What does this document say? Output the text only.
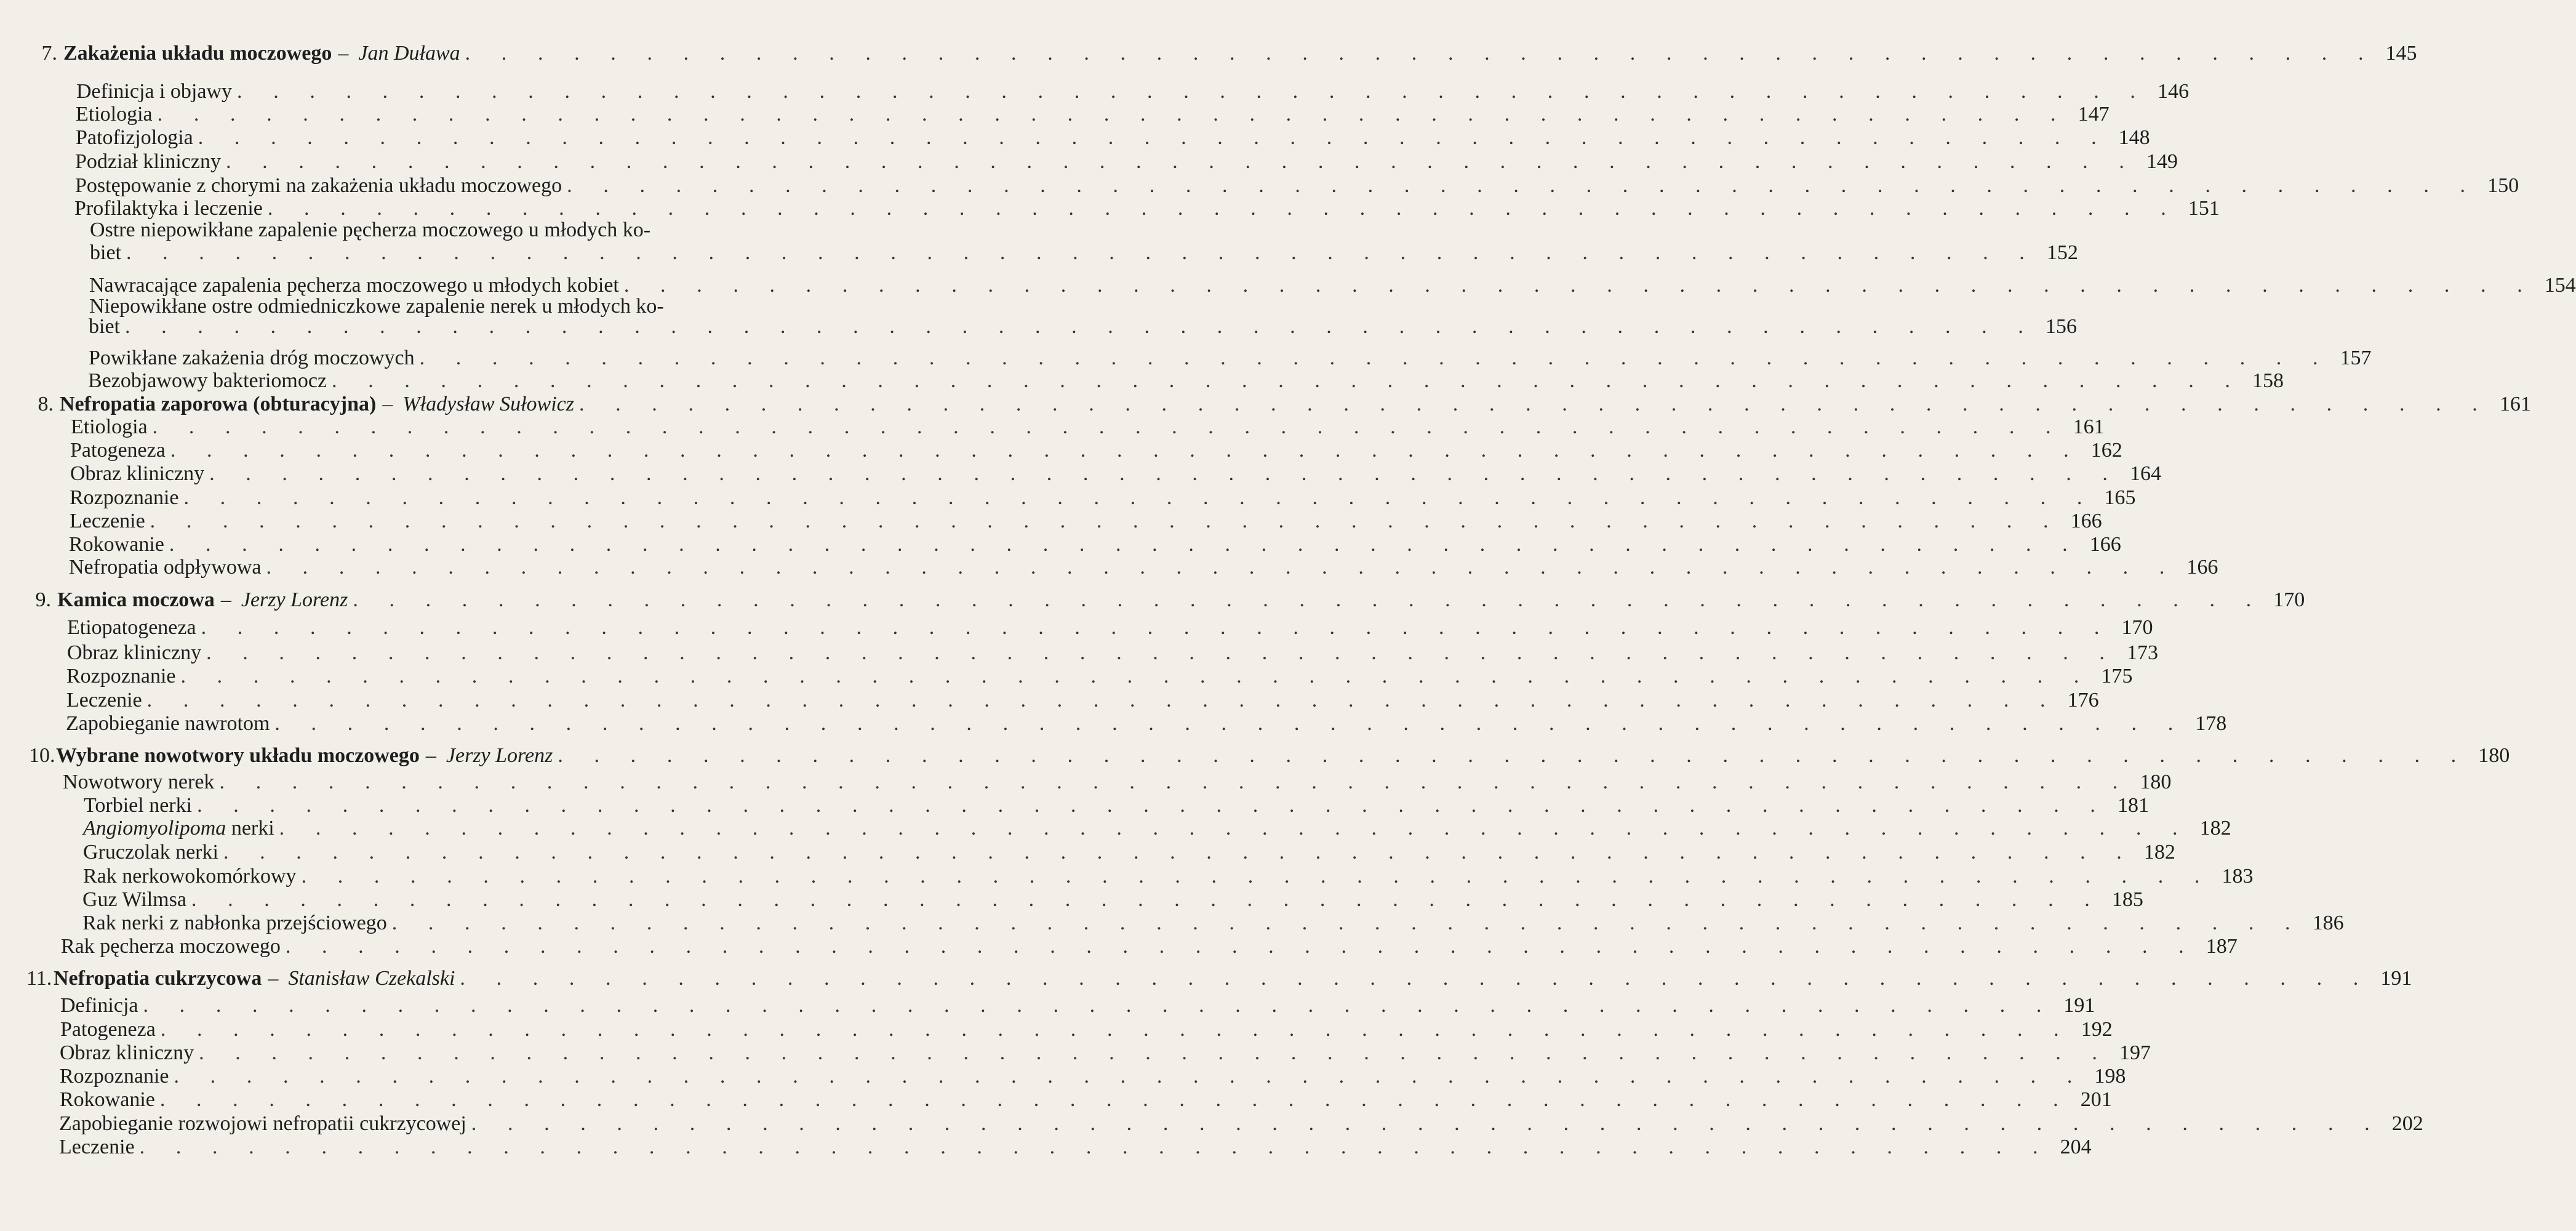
7. Zakażenia układu moczowego – Jan Duława . . . . . . . . . . . . . . . . . . . . . . . . . . . . . . . . . . . . . . . . . . . . . . . . . . . . . 145
Definicja i objawy . . . . . . . . . . . . . . . . . . . . . . . . . . . . . . . . . . . . . . . . . . . . . . . . . . . . . 146
Etiologia . . . . . . . . . . . . . . . . . . . . . . . . . . . . . . . . . . . . . . . . . . . . . . . . . . . . . 147
Patofizjologia . . . . . . . . . . . . . . . . . . . . . . . . . . . . . . . . . . . . . . . . . . . . . . . . . . . . . 148
Podział kliniczny . . . . . . . . . . . . . . . . . . . . . . . . . . . . . . . . . . . . . . . . . . . . . . . . . . . . . 149
Postępowanie z chorymi na zakażenia układu moczowego . . . . . . . . . . . . . . . . . . . . . . . . . . . . . . . . . . . . . . . . . . . . . . . . . . . . . 150
Profilaktyka i leczenie . . . . . . . . . . . . . . . . . . . . . . . . . . . . . . . . . . . . . . . . . . . . . . . . . . . . . 151
Ostre niepowikłane zapalenie pęcherza moczowego u młodych ko-
biet . . . . . . . . . . . . . . . . . . . . . . . . . . . . . . . . . . . . . . . . . . . . . . . . . . . . . 152
Nawracające zapalenia pęcherza moczowego u młodych kobiet . . . . . . . . . . . . . . . . . . . . . . . . . . . . . . . . . . . . . . . . . . . . . . . . . . . . . 154
Niepowikłane ostre odmiedniczkowe zapalenie nerek u młodych ko-
biet . . . . . . . . . . . . . . . . . . . . . . . . . . . . . . . . . . . . . . . . . . . . . . . . . . . . . 156
Powikłane zakażenia dróg moczowych . . . . . . . . . . . . . . . . . . . . . . . . . . . . . . . . . . . . . . . . . . . . . . . . . . . . . 157
Bezobjawowy bakteriomocz . . . . . . . . . . . . . . . . . . . . . . . . . . . . . . . . . . . . . . . . . . . . . . . . . . . . . 158
8. Nefropatia zaporowa (obturacyjna) – Władysław Sułowicz . . . . . . . . . . . . . . . . . . . . . . . . . . . . . . . . . . . . . . . . . . . . . . . . . . . . . 161
Etiologia . . . . . . . . . . . . . . . . . . . . . . . . . . . . . . . . . . . . . . . . . . . . . . . . . . . . . 161
Patogeneza . . . . . . . . . . . . . . . . . . . . . . . . . . . . . . . . . . . . . . . . . . . . . . . . . . . . . 162
Obraz kliniczny . . . . . . . . . . . . . . . . . . . . . . . . . . . . . . . . . . . . . . . . . . . . . . . . . . . . . 164
Rozpoznanie . . . . . . . . . . . . . . . . . . . . . . . . . . . . . . . . . . . . . . . . . . . . . . . . . . . . . 165
Leczenie . . . . . . . . . . . . . . . . . . . . . . . . . . . . . . . . . . . . . . . . . . . . . . . . . . . . . 166
Rokowanie . . . . . . . . . . . . . . . . . . . . . . . . . . . . . . . . . . . . . . . . . . . . . . . . . . . . . 166
Nefropatia odpływowa . . . . . . . . . . . . . . . . . . . . . . . . . . . . . . . . . . . . . . . . . . . . . . . . . . . . . 166
9. Kamica moczowa – Jerzy Lorenz . . . . . . . . . . . . . . . . . . . . . . . . . . . . . . . . . . . . . . . . . . . . . . . . . . . . . 170
Etiopatogeneza . . . . . . . . . . . . . . . . . . . . . . . . . . . . . . . . . . . . . . . . . . . . . . . . . . . . . 170
Obraz kliniczny . . . . . . . . . . . . . . . . . . . . . . . . . . . . . . . . . . . . . . . . . . . . . . . . . . . . . 173
Rozpoznanie . . . . . . . . . . . . . . . . . . . . . . . . . . . . . . . . . . . . . . . . . . . . . . . . . . . . . 175
Leczenie . . . . . . . . . . . . . . . . . . . . . . . . . . . . . . . . . . . . . . . . . . . . . . . . . . . . . 176
Zapobieganie nawrotom . . . . . . . . . . . . . . . . . . . . . . . . . . . . . . . . . . . . . . . . . . . . . . . . . . . . . 178
10. Wybrane nowotwory układu moczowego – Jerzy Lorenz . . . . . . . . . . . . . . . . . . . . . . . . . . . . . . . . . . . . . . . . . . . . . . . . . . . . . 180
Nowotwory nerek . . . . . . . . . . . . . . . . . . . . . . . . . . . . . . . . . . . . . . . . . . . . . . . . . . . . . 180
Torbiel nerki . . . . . . . . . . . . . . . . . . . . . . . . . . . . . . . . . . . . . . . . . . . . . . . . . . . . . 181
Angiomyolipoma nerki . . . . . . . . . . . . . . . . . . . . . . . . . . . . . . . . . . . . . . . . . . . . . . . . . . . . . 182
Gruczolak nerki . . . . . . . . . . . . . . . . . . . . . . . . . . . . . . . . . . . . . . . . . . . . . . . . . . . . . 182
Rak nerkowokomórkowy . . . . . . . . . . . . . . . . . . . . . . . . . . . . . . . . . . . . . . . . . . . . . . . . . . . . . 183
Guz Wilmsa . . . . . . . . . . . . . . . . . . . . . . . . . . . . . . . . . . . . . . . . . . . . . . . . . . . . . 185
Rak nerki z nabłonka przejściowego . . . . . . . . . . . . . . . . . . . . . . . . . . . . . . . . . . . . . . . . . . . . . . . . . . . . . 186
Rak pęcherza moczowego . . . . . . . . . . . . . . . . . . . . . . . . . . . . . . . . . . . . . . . . . . . . . . . . . . . . . 187
11. Nefropatia cukrzycowa – Stanisław Czekalski . . . . . . . . . . . . . . . . . . . . . . . . . . . . . . . . . . . . . . . . . . . . . . . . . . . . . 191
Definicja . . . . . . . . . . . . . . . . . . . . . . . . . . . . . . . . . . . . . . . . . . . . . . . . . . . . . 191
Patogeneza . . . . . . . . . . . . . . . . . . . . . . . . . . . . . . . . . . . . . . . . . . . . . . . . . . . . . 192
Obraz kliniczny . . . . . . . . . . . . . . . . . . . . . . . . . . . . . . . . . . . . . . . . . . . . . . . . . . . . . 197
Rozpoznanie . . . . . . . . . . . . . . . . . . . . . . . . . . . . . . . . . . . . . . . . . . . . . . . . . . . . . 198
Rokowanie . . . . . . . . . . . . . . . . . . . . . . . . . . . . . . . . . . . . . . . . . . . . . . . . . . . . . 201
Zapobieganie rozwojowi nefropatii cukrzycowej . . . . . . . . . . . . . . . . . . . . . . . . . . . . . . . . . . . . . . . . . . . . . . . . . . . . . 202
Leczenie . . . . . . . . . . . . . . . . . . . . . . . . . . . . . . . . . . . . . . . . . . . . . . . . . . . . . 204
